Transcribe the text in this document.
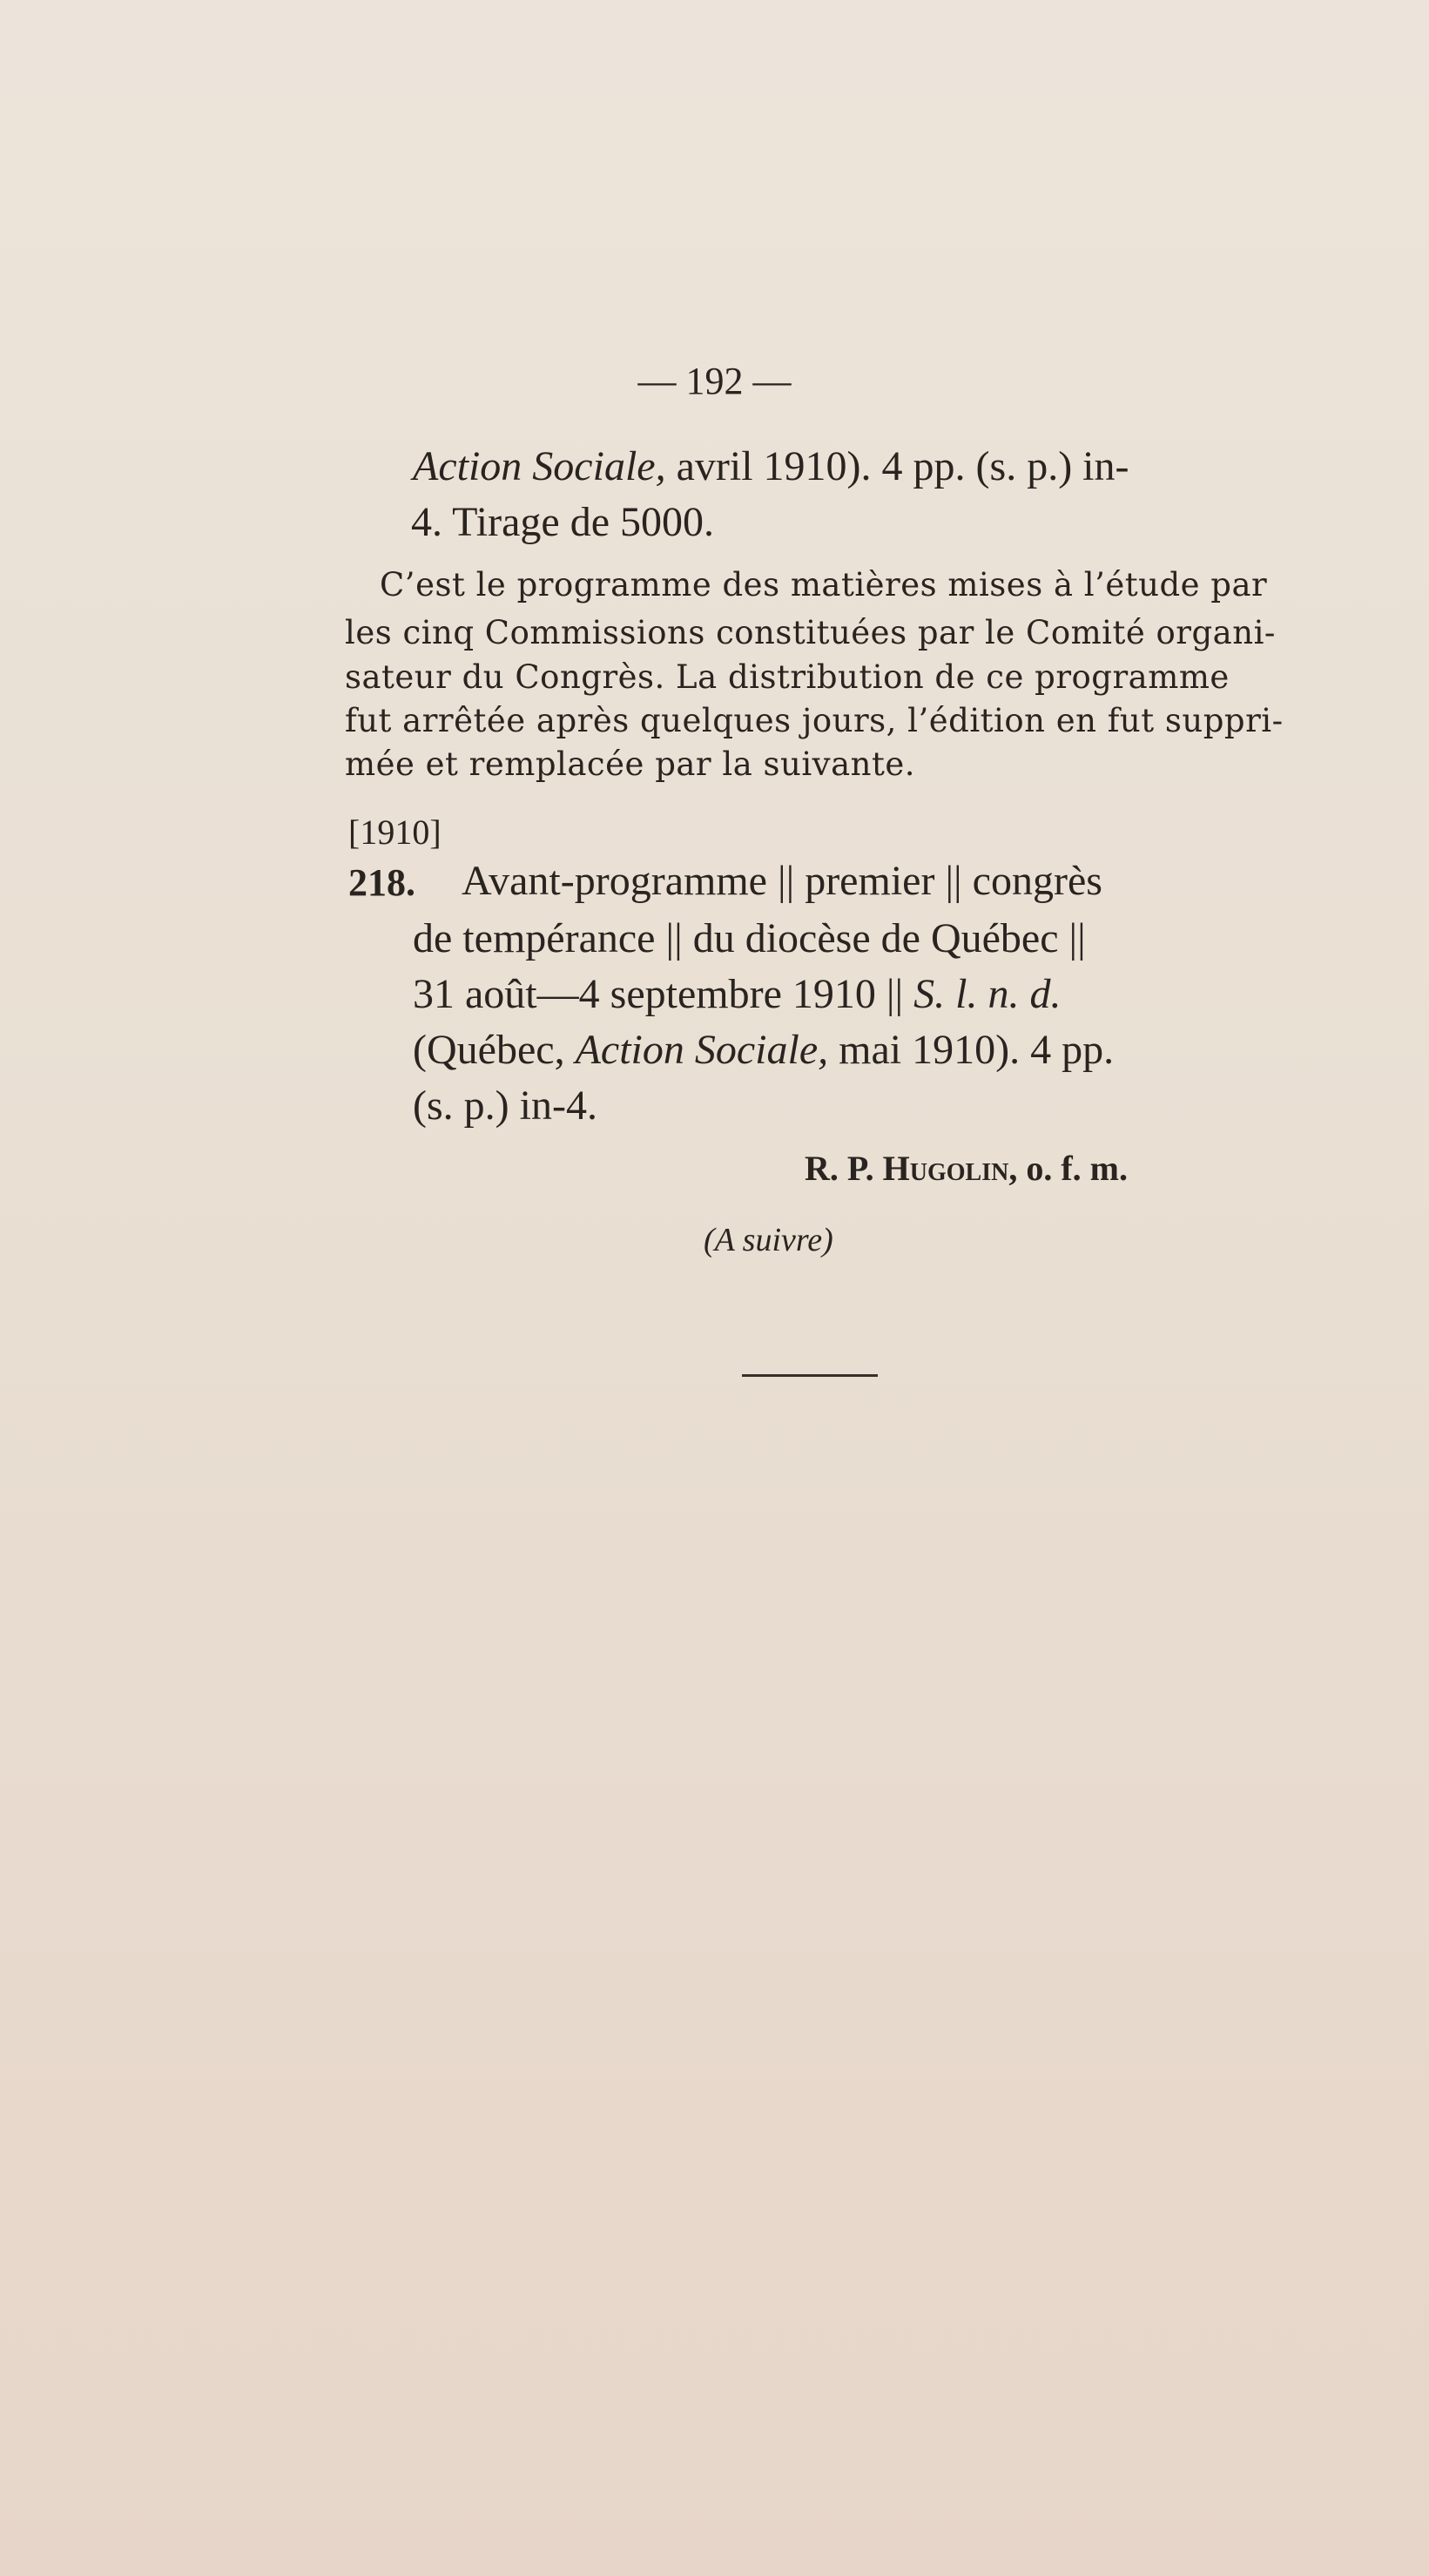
— 192 —
Action Sociale, avril 1910). 4 pp. (s. p.) in-
4. Tirage de 5000.
C’est le programme des matières mises à l’étude par
les cinq Commissions constituées par le Comité organi-
sateur du Congrès. La distribution de ce programme
fut arrêtée après quelques jours, l’édition en fut suppri-
mée et remplacée par la suivante.
[1910]
218. Avant-programme || premier || congrès
de tempérance || du diocèse de Québec ||
31 août—4 septembre 1910 || S. l. n. d.
(Québec, Action Sociale, mai 1910). 4 pp.
(s. p.) in-4.
R. P. Hugolin, o. f. m.
(A suivre)
